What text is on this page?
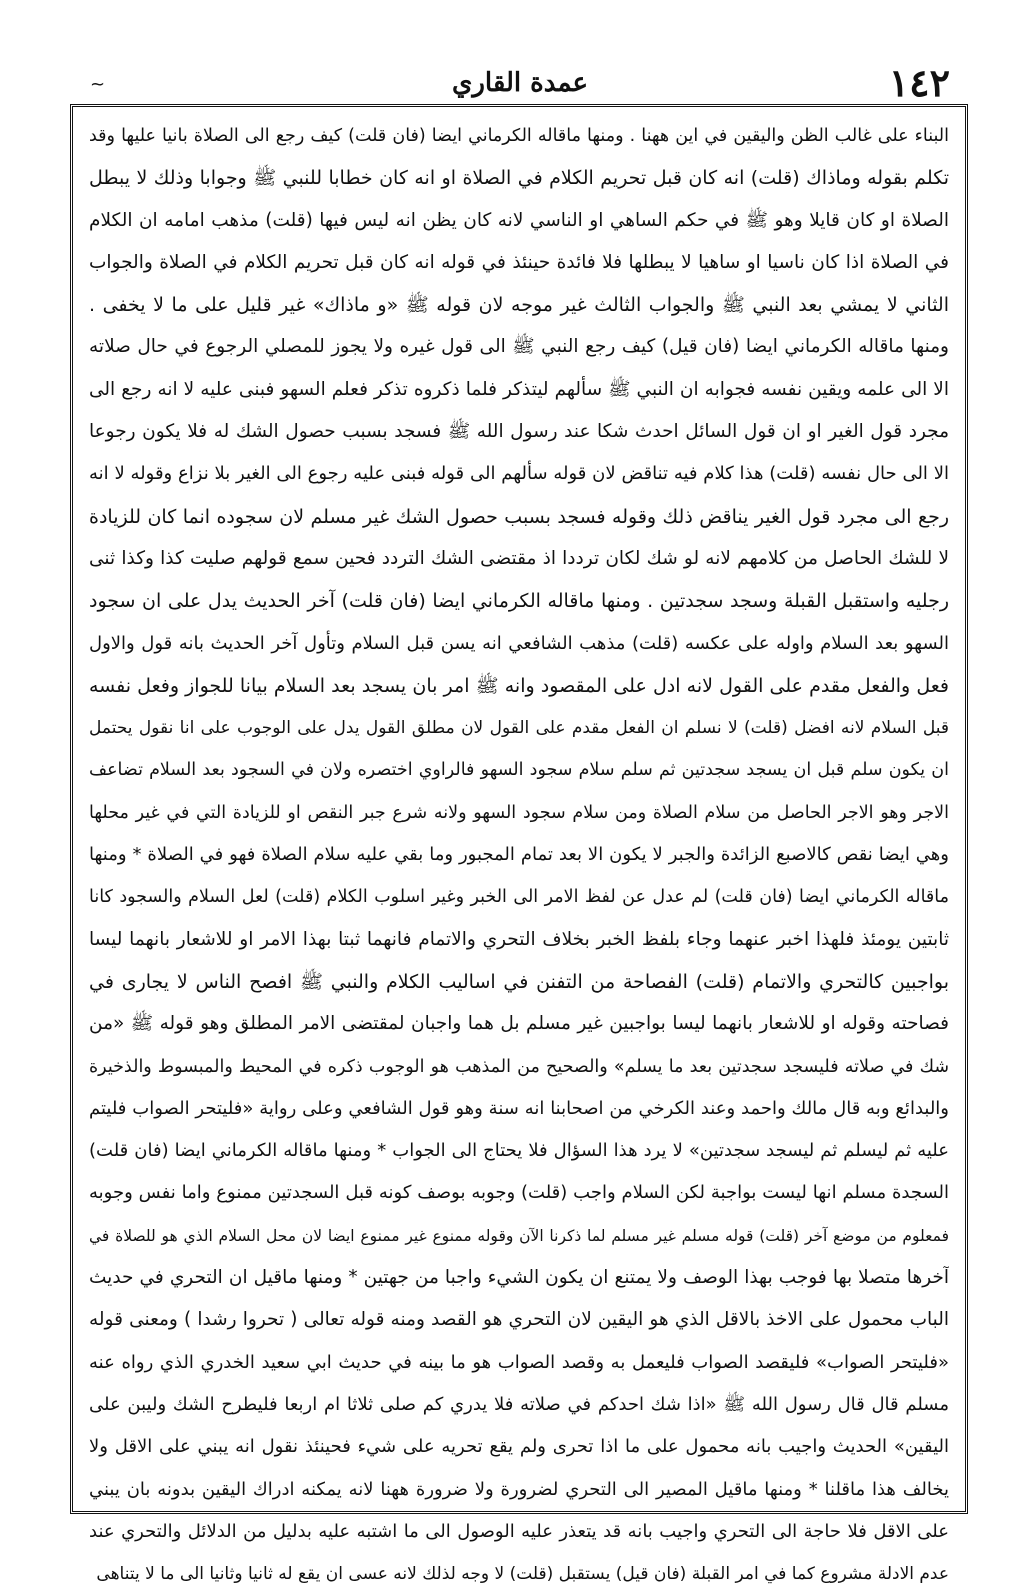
~	عمدة القاري	١٤٢
البناء على غالب الظن واليقين في اين ههنا . ومنها ماقاله الكرماني ايضا (فان قلت) كيف رجع الى الصلاة بانيا عليها وقد
تكلم بقوله وماذاك (قلت) انه كان قبل تحريم الكلام في الصلاة او انه كان خطابا للنبي ﷺ وجوابا وذلك لا يبطل
الصلاة او كان قايلا وهو ﷺ في حكم الساهي او الناسي لانه كان يظن انه ليس فيها (قلت) مذهب امامه ان الكلام
في الصلاة اذا كان ناسيا او ساهيا لا يبطلها فلا فائدة حينئذ في قوله انه كان قبل تحريم الكلام في الصلاة والجواب
الثاني لا يمشي بعد النبي ﷺ والجواب الثالث غير موجه لان قوله ﷺ «و ماذاك» غير قليل على ما لا يخفى .
ومنها ماقاله الكرماني ايضا (فان قيل) كيف رجع النبي ﷺ الى قول غيره ولا يجوز للمصلي الرجوع في حال صلاته
الا الى علمه ويقين نفسه فجوابه ان النبي ﷺ سألهم ليتذكر فلما ذكروه تذكر فعلم السهو فبنى عليه لا انه رجع الى
مجرد قول الغير او ان قول السائل احدث شكا عند رسول الله ﷺ فسجد بسبب حصول الشك له فلا يكون رجوعا
الا الى حال نفسه (قلت) هذا كلام فيه تناقض لان قوله سألهم الى قوله فبنى عليه رجوع الى الغير بلا نزاع وقوله لا انه
رجع الى مجرد قول الغير يناقض ذلك وقوله فسجد بسبب حصول الشك غير مسلم لان سجوده انما كان للزيادة
لا للشك الحاصل من كلامهم لانه لو شك لكان ترددا اذ مقتضى الشك التردد فحين سمع قولهم صليت كذا وكذا ثنى
رجليه واستقبل القبلة وسجد سجدتين . ومنها ماقاله الكرماني ايضا (فان قلت) آخر الحديث يدل على ان سجود
السهو بعد السلام واوله على عكسه (قلت) مذهب الشافعي انه يسن قبل السلام وتأول آخر الحديث بانه قول والاول
فعل والفعل مقدم على القول لانه ادل على المقصود وانه ﷺ امر بان يسجد بعد السلام بيانا للجواز وفعل نفسه
قبل السلام لانه افضل (قلت) لا نسلم ان الفعل مقدم على القول لان مطلق القول يدل على الوجوب على انا نقول يحتمل
ان يكون سلم قبل ان يسجد سجدتين ثم سلم سلام سجود السهو فالراوي اختصره ولان في السجود بعد السلام تضاعف
الاجر وهو الاجر الحاصل من سلام الصلاة ومن سلام سجود السهو ولانه شرع جبر النقص او للزيادة التي في غير محلها
وهي ايضا نقص كالاصبع الزائدة والجبر لا يكون الا بعد تمام المجبور وما بقي عليه سلام الصلاة فهو في الصلاة * ومنها
ماقاله الكرماني ايضا (فان قلت) لم عدل عن لفظ الامر الى الخبر وغير اسلوب الكلام (قلت) لعل السلام والسجود كانا
ثابتين يومئذ فلهذا اخبر عنهما وجاء بلفظ الخبر بخلاف التحري والاتمام فانهما ثبتا بهذا الامر او للاشعار بانهما ليسا
بواجبين كالتحري والاتمام (قلت) الفصاحة من التفنن في اساليب الكلام والنبي ﷺ افصح الناس لا يجارى في
فصاحته وقوله او للاشعار بانهما ليسا بواجبين غير مسلم بل هما واجبان لمقتضى الامر المطلق وهو قوله ﷺ «من
شك في صلاته فليسجد سجدتين بعد ما يسلم» والصحيح من المذهب هو الوجوب ذكره في المحيط والمبسوط والذخيرة
والبدائع وبه قال مالك واحمد وعند الكرخي من اصحابنا انه سنة وهو قول الشافعي وعلى رواية «فليتحر الصواب فليتم
عليه ثم ليسلم ثم ليسجد سجدتين» لا يرد هذا السؤال فلا يحتاج الى الجواب * ومنها ماقاله الكرماني ايضا (فان قلت)
السجدة مسلم انها ليست بواجبة لكن السلام واجب (قلت) وجوبه بوصف كونه قبل السجدتين ممنوع واما نفس وجوبه
فمعلوم من موضع آخر (قلت) قوله مسلم غير مسلم لما ذكرنا الآن وقوله ممنوع غير ممنوع ايضا لان محل السلام الذي هو للصلاة في
آخرها متصلا بها فوجب بهذا الوصف ولا يمتنع ان يكون الشيء واجبا من جهتين * ومنها ماقيل ان التحري في حديث
الباب محمول على الاخذ بالاقل الذي هو اليقين لان التحري هو القصد ومنه قوله تعالى ( تحروا رشدا ) ومعنى قوله
«فليتحر الصواب» فليقصد الصواب فليعمل به وقصد الصواب هو ما بينه في حديث ابي سعيد الخدري الذي رواه عنه
مسلم قال قال رسول الله ﷺ «اذا شك احدكم في صلاته فلا يدري كم صلى ثلاثا ام اربعا فليطرح الشك وليبن على
اليقين» الحديث واجيب بانه محمول على ما اذا تحرى ولم يقع تحريه على شيء فحينئذ نقول انه يبني على الاقل ولا
يخالف هذا ماقلنا * ومنها ماقيل المصير الى التحري لضرورة ولا ضرورة ههنا لانه يمكنه ادراك اليقين بدونه بان يبني
على الاقل فلا حاجة الى التحري واجيب بانه قد يتعذر عليه الوصول الى ما اشتبه عليه بدليل من الدلائل والتحري عند
عدم الادلة مشروع كما في امر القبلة (فان قيل) يستقبل (قلت) لا وجه لذلك لانه عسى ان يقع له ثانيا وثانيا الى ما لا يتناهى
